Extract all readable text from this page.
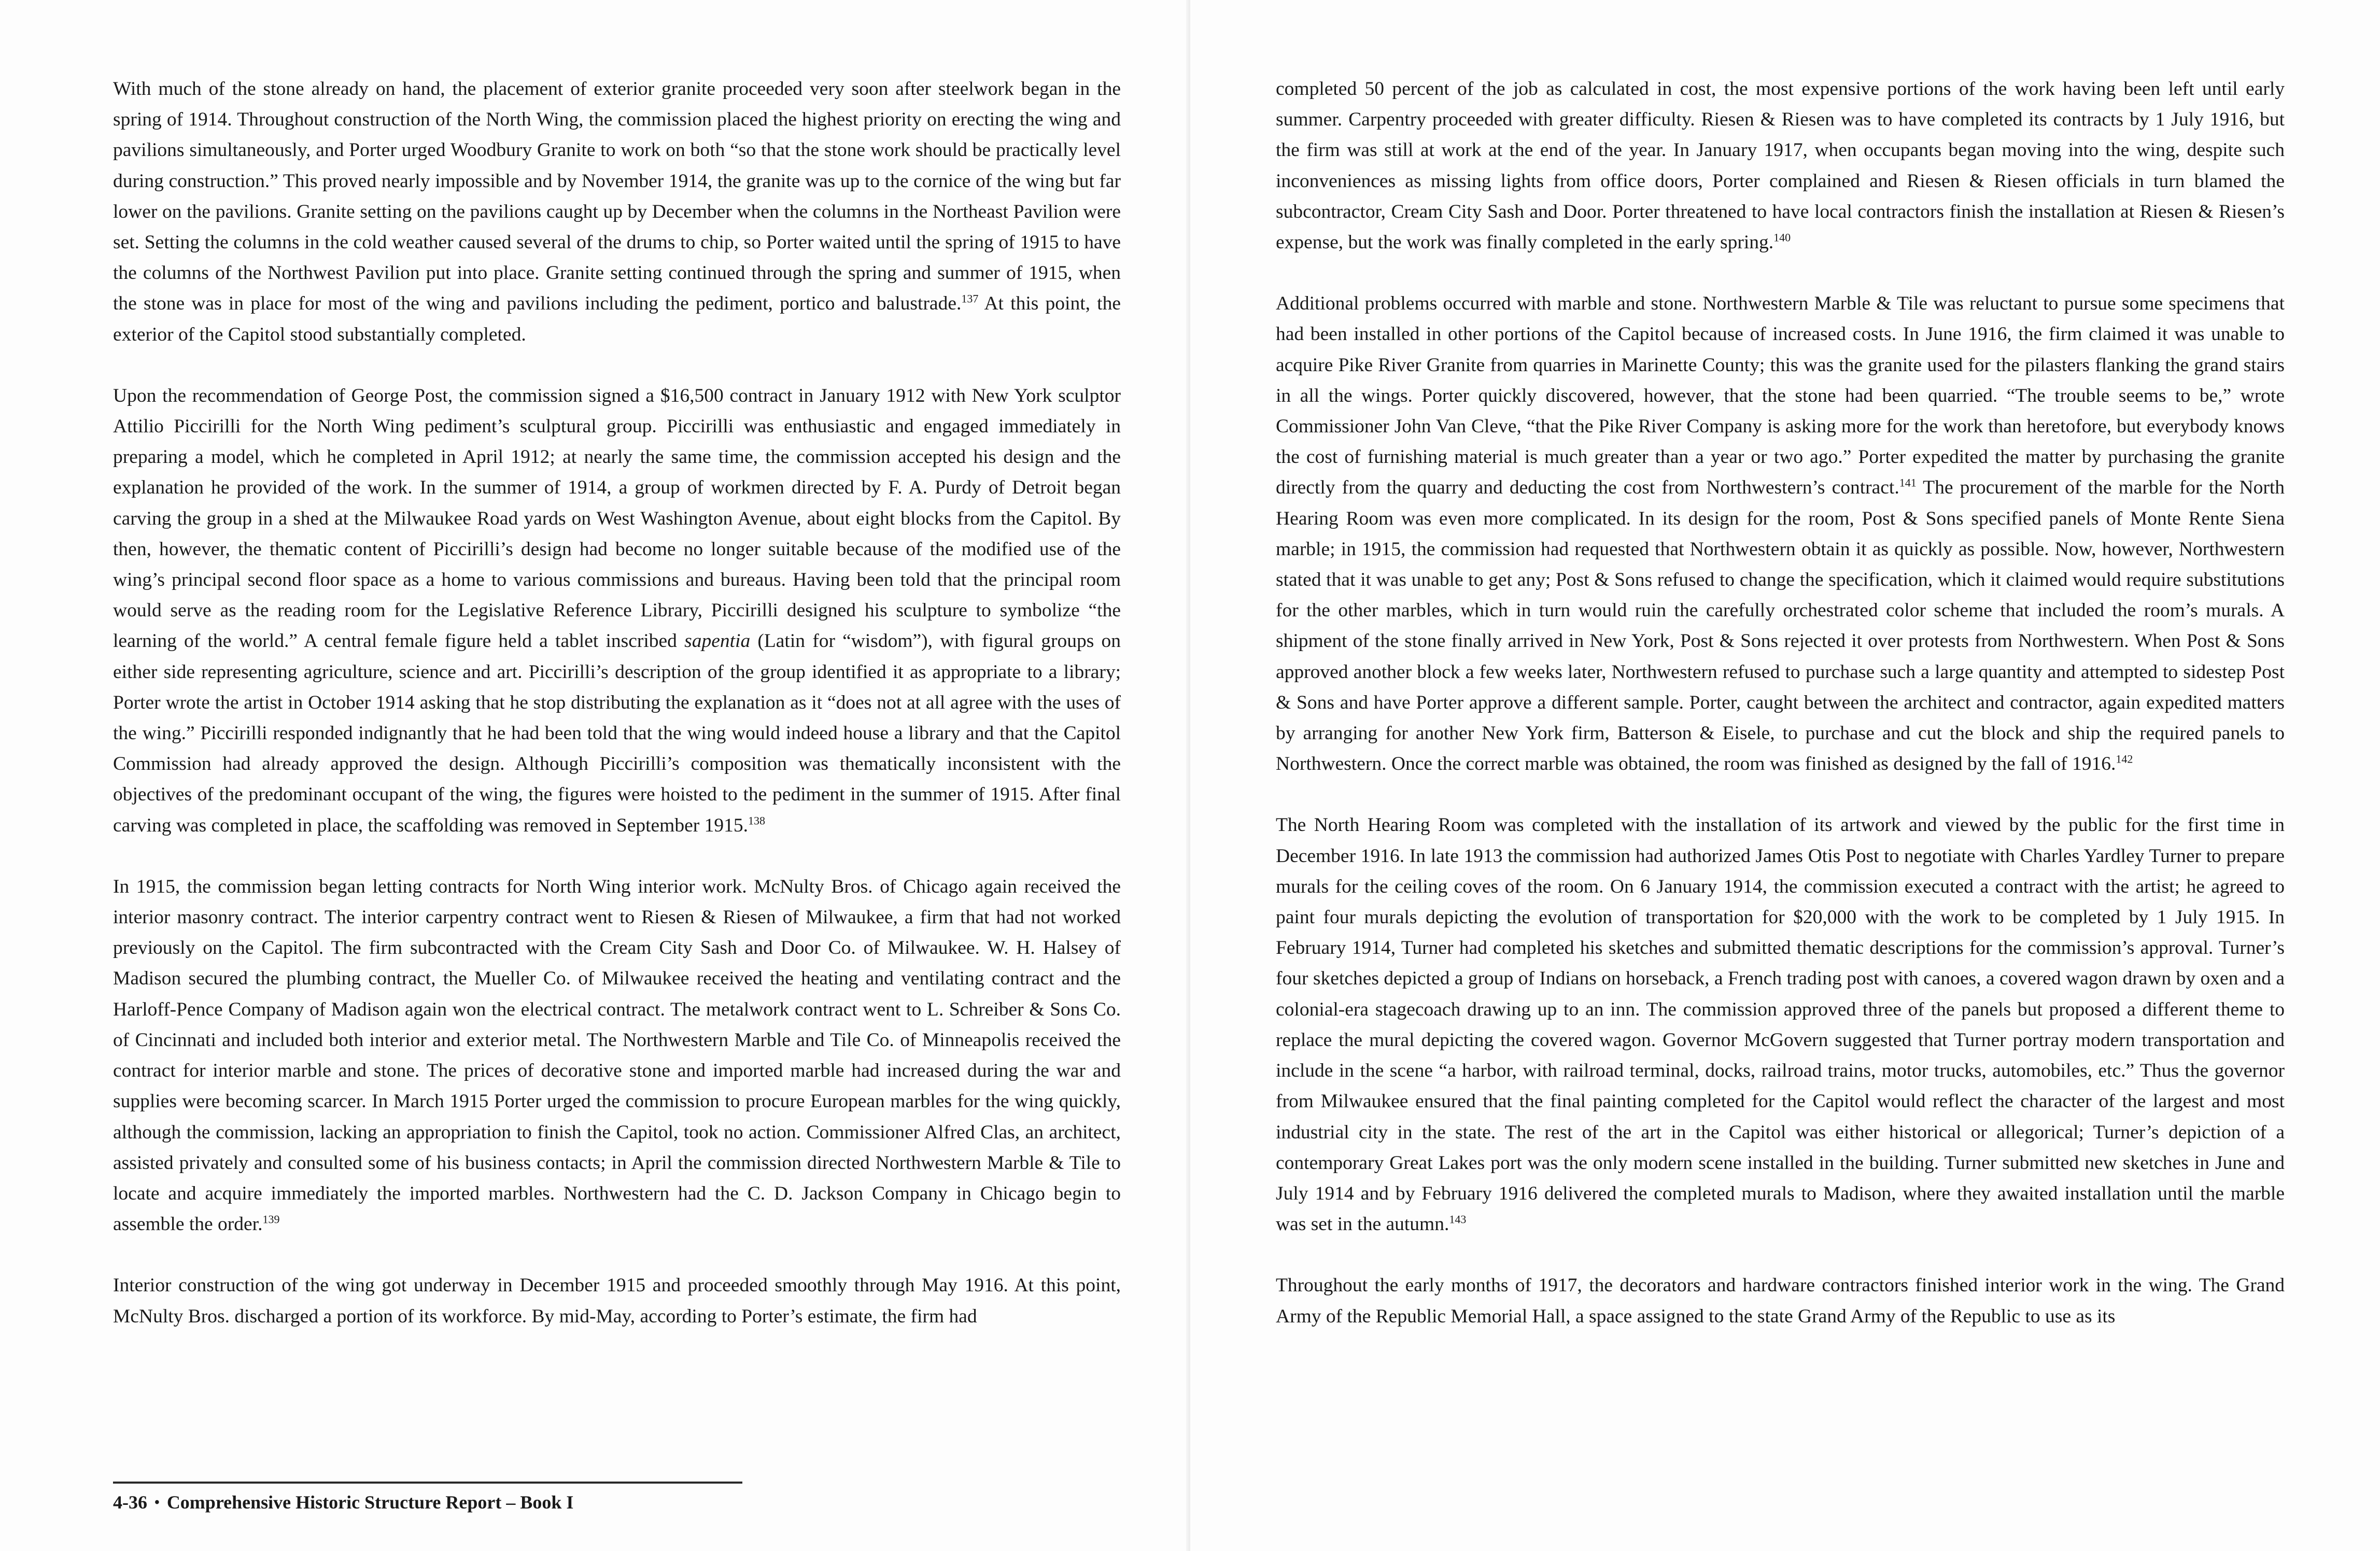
With much of the stone already on hand, the placement of exterior granite proceeded very soon after steelwork began in the spring of 1914. Throughout construction of the North Wing, the commission placed the highest priority on erecting the wing and pavilions simultaneously, and Porter urged Woodbury Granite to work on both “so that the stone work should be practically level during construction.” This proved nearly impossible and by November 1914, the granite was up to the cornice of the wing but far lower on the pavilions. Granite setting on the pavilions caught up by December when the columns in the Northeast Pavilion were set. Setting the columns in the cold weather caused several of the drums to chip, so Porter waited until the spring of 1915 to have the columns of the Northwest Pavilion put into place. Granite setting continued through the spring and summer of 1915, when the stone was in place for most of the wing and pavilions including the pediment, portico and balustrade.$^{137}$ At this point, the exterior of the Capitol stood substantially completed.

Upon the recommendation of George Post, the commission signed a $16,500 contract in January 1912 with New York sculptor Attilio Piccirilli for the North Wing pediment’s sculptural group. Piccirilli was enthusiastic and engaged immediately in preparing a model, which he completed in April 1912; at nearly the same time, the commission accepted his design and the explanation he provided of the work. In the summer of 1914, a group of workmen directed by F. A. Purdy of Detroit began carving the group in a shed at the Milwaukee Road yards on West Washington Avenue, about eight blocks from the Capitol. By then, however, the thematic content of Piccirilli’s design had become no longer suitable because of the modified use of the wing’s principal second floor space as a home to various commissions and bureaus. Having been told that the principal room would serve as the reading room for the Legislative Reference Library, Piccirilli designed his sculpture to symbolize “the learning of the world.” A central female figure held a tablet inscribed sapentia (Latin for “wisdom”), with figural groups on either side representing agriculture, science and art. Piccirilli’s description of the group identified it as appropriate to a library; Porter wrote the artist in October 1914 asking that he stop distributing the explanation as it “does not at all agree with the uses of the wing.” Piccirilli responded indignantly that he had been told that the wing would indeed house a library and that the Capitol Commission had already approved the design. Although Piccirilli’s composition was thematically inconsistent with the objectives of the predominant occupant of the wing, the figures were hoisted to the pediment in the summer of 1915. After final carving was completed in place, the scaffolding was removed in September 1915.$^{138}$

In 1915, the commission began letting contracts for North Wing interior work. McNulty Bros. of Chicago again received the interior masonry contract. The interior carpentry contract went to Riesen & Riesen of Milwaukee, a firm that had not worked previously on the Capitol. The firm subcontracted with the Cream City Sash and Door Co. of Milwaukee. W. H. Halsey of Madison secured the plumbing contract, the Mueller Co. of Milwaukee received the heating and ventilating contract and the Harloff-Pence Company of Madison again won the electrical contract. The metalwork contract went to L. Schreiber & Sons Co. of Cincinnati and included both interior and exterior metal. The Northwestern Marble and Tile Co. of Minneapolis received the contract for interior marble and stone. The prices of decorative stone and imported marble had increased during the war and supplies were becoming scarcer. In March 1915 Porter urged the commission to procure European marbles for the wing quickly, although the commission, lacking an appropriation to finish the Capitol, took no action. Commissioner Alfred Clas, an architect, assisted privately and consulted some of his business contacts; in April the commission directed Northwestern Marble & Tile to locate and acquire immediately the imported marbles. Northwestern had the C. D. Jackson Company in Chicago begin to assemble the order.$^{139}$

Interior construction of the wing got underway in December 1915 and proceeded smoothly through May 1916. At this point, McNulty Bros. discharged a portion of its workforce. By mid-May, according to Porter’s estimate, the firm had

4-36 • Comprehensive Historic Structure Report – Book I

completed 50 percent of the job as calculated in cost, the most expensive portions of the work having been left until early summer. Carpentry proceeded with greater difficulty. Riesen & Riesen was to have completed its contracts by 1 July 1916, but the firm was still at work at the end of the year. In January 1917, when occupants began moving into the wing, despite such inconveniences as missing lights from office doors, Porter complained and Riesen & Riesen officials in turn blamed the subcontractor, Cream City Sash and Door. Porter threatened to have local contractors finish the installation at Riesen & Riesen’s expense, but the work was finally completed in the early spring.$^{140}$

Additional problems occurred with marble and stone. Northwestern Marble & Tile was reluctant to pursue some specimens that had been installed in other portions of the Capitol because of increased costs. In June 1916, the firm claimed it was unable to acquire Pike River Granite from quarries in Marinette County; this was the granite used for the pilasters flanking the grand stairs in all the wings. Porter quickly discovered, however, that the stone had been quarried. “The trouble seems to be,” wrote Commissioner John Van Cleve, “that the Pike River Company is asking more for the work than heretofore, but everybody knows the cost of furnishing material is much greater than a year or two ago.” Porter expedited the matter by purchasing the granite directly from the quarry and deducting the cost from Northwestern’s contract.$^{141}$ The procurement of the marble for the North Hearing Room was even more complicated. In its design for the room, Post & Sons specified panels of Monte Rente Siena marble; in 1915, the commission had requested that Northwestern obtain it as quickly as possible. Now, however, Northwestern stated that it was unable to get any; Post & Sons refused to change the specification, which it claimed would require substitutions for the other marbles, which in turn would ruin the carefully orchestrated color scheme that included the room’s murals. A shipment of the stone finally arrived in New York, Post & Sons rejected it over protests from Northwestern. When Post & Sons approved another block a few weeks later, Northwestern refused to purchase such a large quantity and attempted to sidestep Post & Sons and have Porter approve a different sample. Porter, caught between the architect and contractor, again expedited matters by arranging for another New York firm, Batterson & Eisele, to purchase and cut the block and ship the required panels to Northwestern. Once the correct marble was obtained, the room was finished as designed by the fall of 1916.$^{142}$

The North Hearing Room was completed with the installation of its artwork and viewed by the public for the first time in December 1916. In late 1913 the commission had authorized James Otis Post to negotiate with Charles Yardley Turner to prepare murals for the ceiling coves of the room. On 6 January 1914, the commission executed a contract with the artist; he agreed to paint four murals depicting the evolution of transportation for $20,000 with the work to be completed by 1 July 1915. In February 1914, Turner had completed his sketches and submitted thematic descriptions for the commission’s approval. Turner’s four sketches depicted a group of Indians on horseback, a French trading post with canoes, a covered wagon drawn by oxen and a colonial-era stagecoach drawing up to an inn. The commission approved three of the panels but proposed a different theme to replace the mural depicting the covered wagon. Governor McGovern suggested that Turner portray modern transportation and include in the scene “a harbor, with railroad terminal, docks, railroad trains, motor trucks, automobiles, etc.” Thus the governor from Milwaukee ensured that the final painting completed for the Capitol would reflect the character of the largest and most industrial city in the state. The rest of the art in the Capitol was either historical or allegorical; Turner’s depiction of a contemporary Great Lakes port was the only modern scene installed in the building. Turner submitted new sketches in June and July 1914 and by February 1916 delivered the completed murals to Madison, where they awaited installation until the marble was set in the autumn.$^{143}$

Throughout the early months of 1917, the decorators and hardware contractors finished interior work in the wing. The Grand Army of the Republic Memorial Hall, a space assigned to the state Grand Army of the Republic to use as its
